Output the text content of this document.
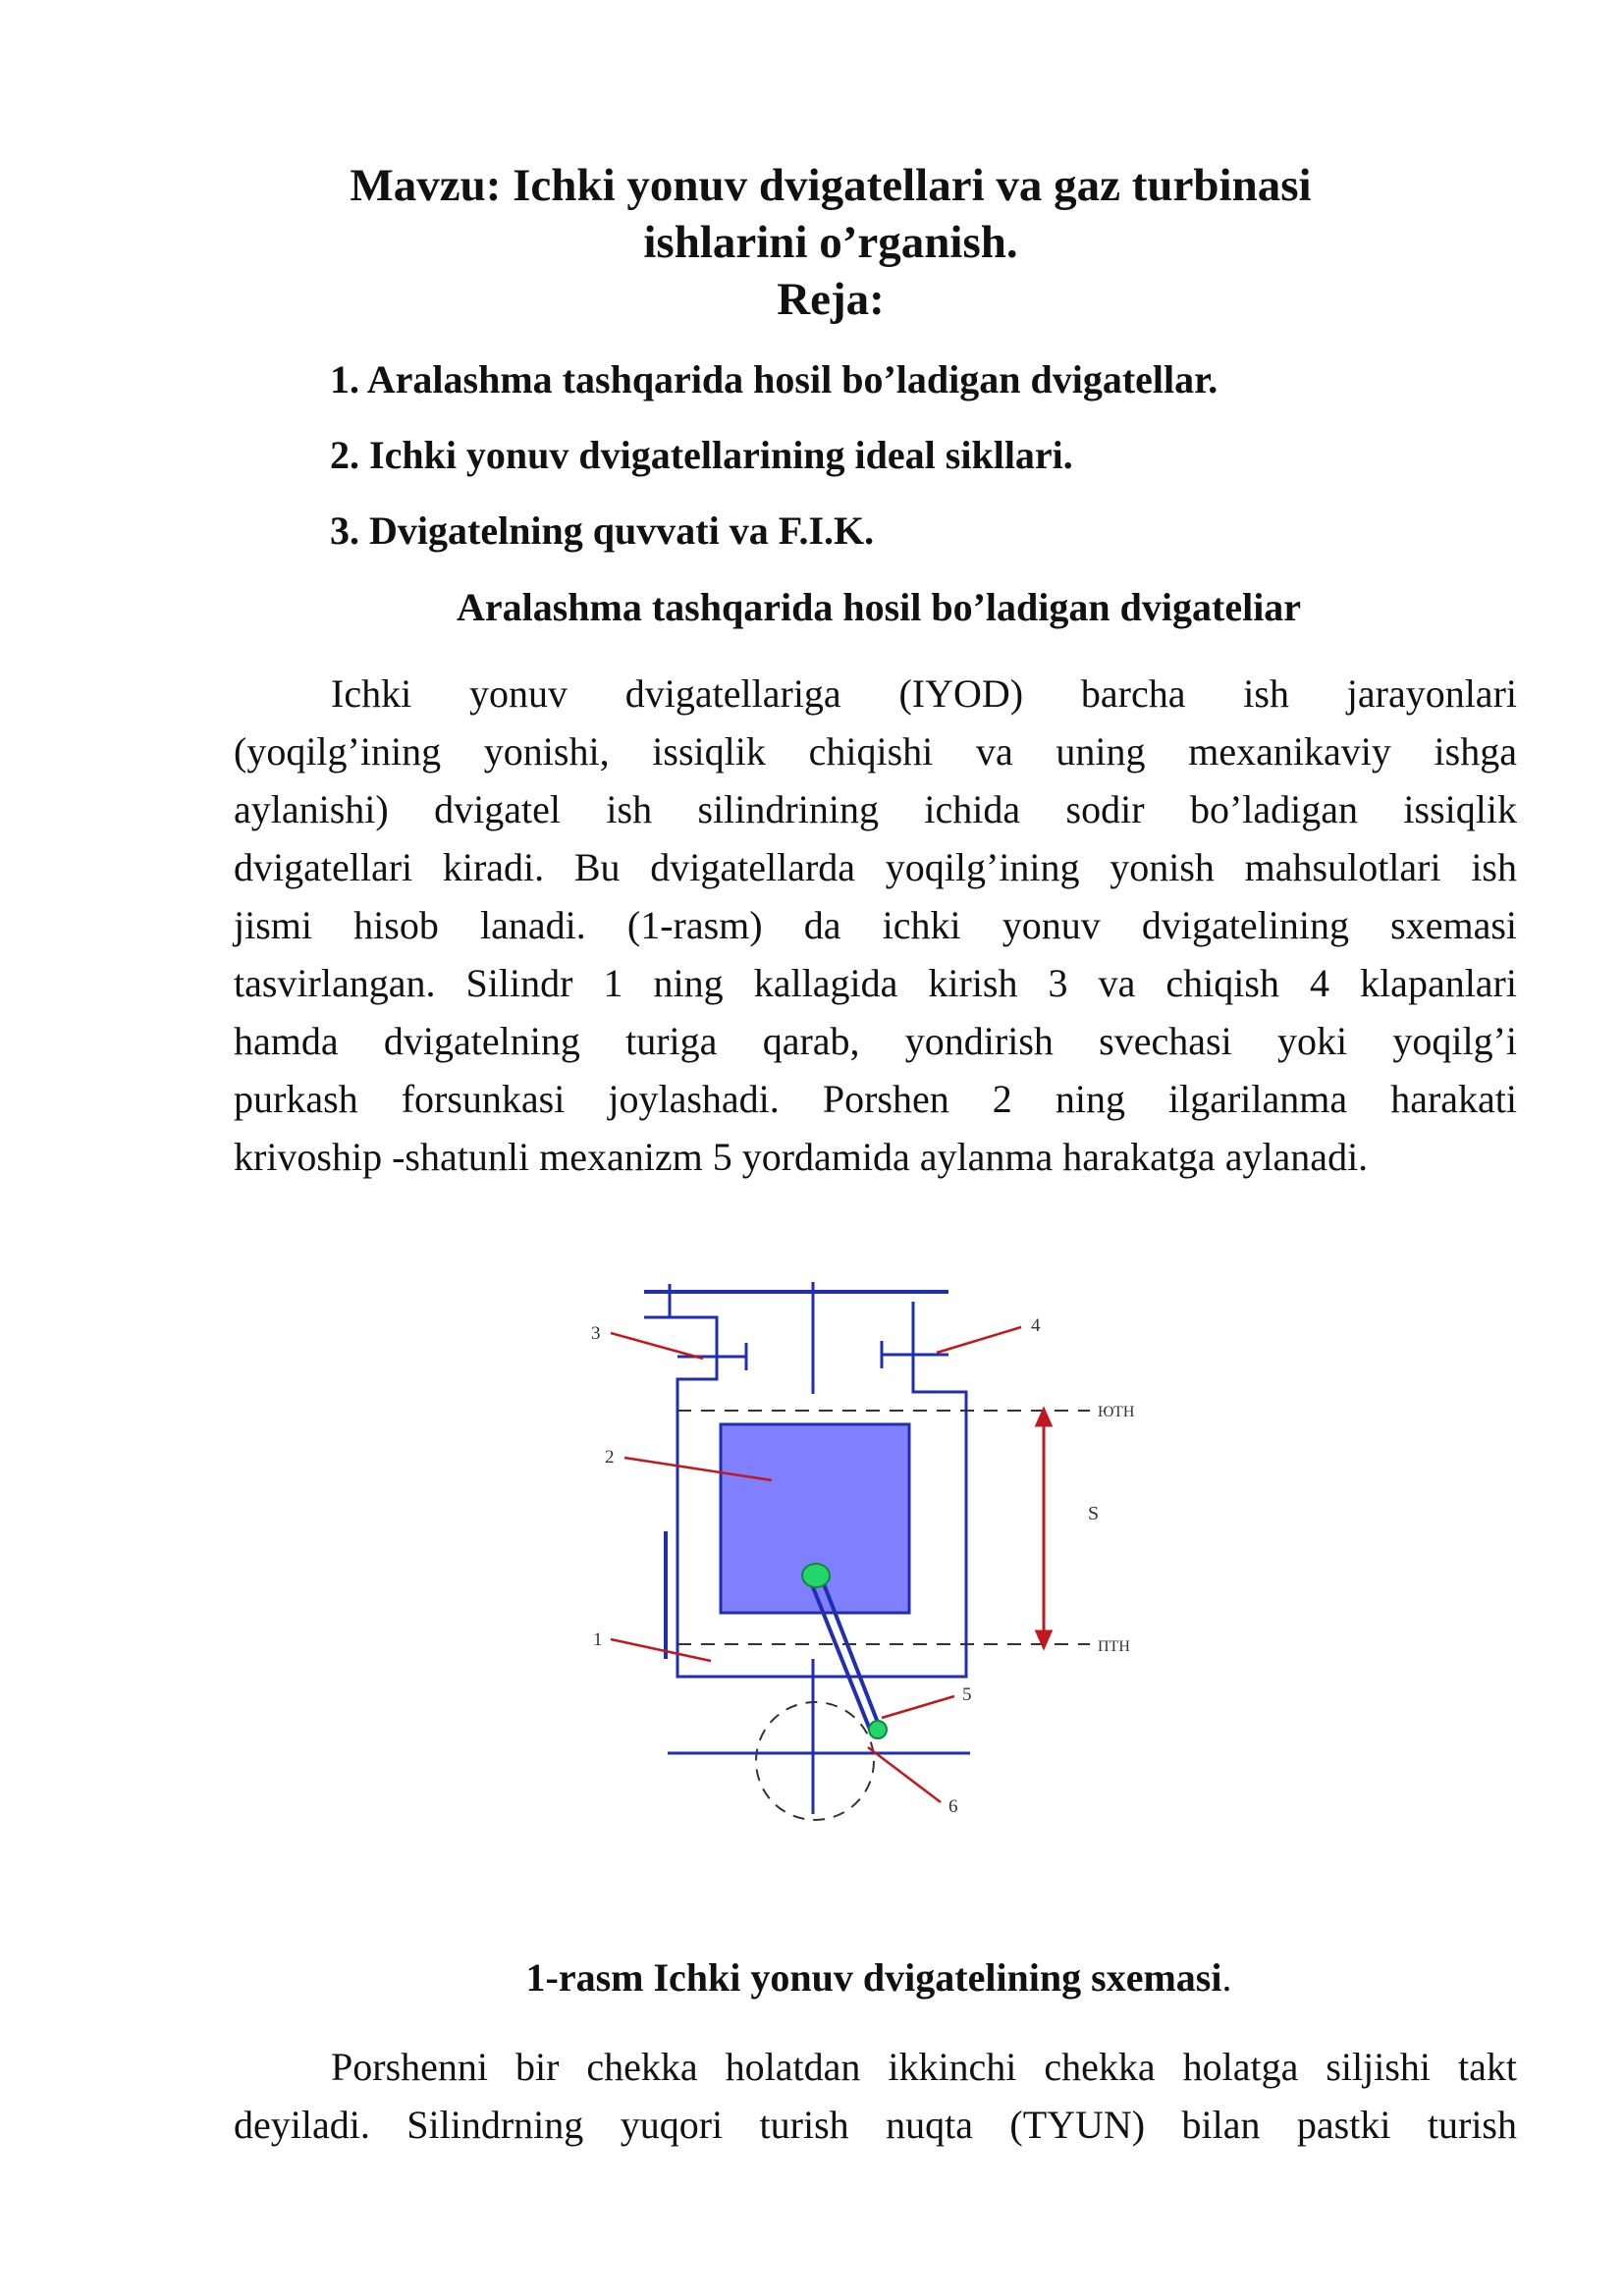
Mavzu: Ichki yonuv dvigatellari va gaz turbinasi
ishlarini o’rganish.
Reja:
1. Aralashma tashqarida hosil bo’ladigan dvigatellar.
2. Ichki yonuv dvigatellarining ideal sikllari.
3. Dvigatelning quvvati va F.I.K.
Aralashma tashqarida hosil bo’ladigan dvigateliar
Ichki yonuv dvigatellariga (IYOD) barcha ish jarayonlari
(yoqilg’ining yonishi, issiqlik chiqishi va uning mexanikaviy ishga
aylanishi) dvigatel ish silindrining ichida sodir bo’ladigan issiqlik
dvigatellari kiradi. Bu dvigatellarda yoqilg’ining yonish mahsulotlari ish
jismi hisob lanadi. (1-rasm) da ichki yonuv dvigatelining sxemasi
tasvirlangan. Silindr 1 ning kallagida kirish 3 va chiqish 4 klapanlari
hamda dvigatelning turiga qarab, yondirish svechasi yoki yoqilg’i
purkash forsunkasi joylashadi. Porshen 2 ning ilgarilanma harakati
krivoship -shatunli mexanizm 5 yordamida aylanma harakatga aylanadi.
3	4
2
1
5
6
ЮТН
ПТН
S
1-rasm Ichki yonuv dvigatelining sxemasi.
Porshenni bir chekka holatdan ikkinchi chekka holatga siljishi takt
deyiladi. Silindrning yuqori turish nuqta (TYUN) bilan pastki turish
